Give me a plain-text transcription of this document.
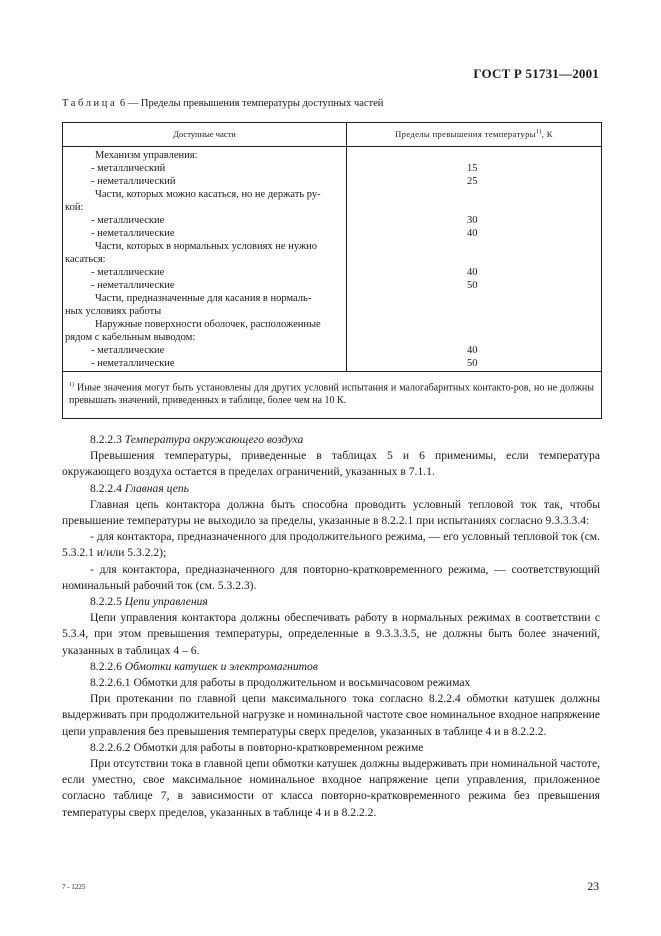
ГОСТ Р 51731—2001
Таблица 6 — Пределы превышения температуры доступных частей
Доступные части	Пределы превышения температуры$^{1)}$, К
Механизм управления:
- металлический	15
- неметаллический	25
Части, которых можно касаться, но не держать ру-
кой:
- металлические	30
- неметаллические	40
Части, которых в нормальных условиях не нужно
касаться:
- металлические	40
- неметаллические	50
Части, предназначенные для касания в нормаль-
ных условиях работы
Наружные поверхности оболочек, расположенные
рядом с кабельным выводом:
- металлические	40
- неметаллические	50
$^{1)}$ Иные значения могут быть установлены для других условий испытания и малогабаритных контакто-ров, но не должны превышать значений, приведенных в таблице, более чем на 10 К.

8.2.2.3 Температура окружающего воздуха

Превышения температуры, приведенные в таблицах 5 и 6 применимы, если температура окружающего воздуха остается в пределах ограничений, указанных в 7.1.1.

8.2.2.4 Главная цепь

Главная цепь контактора должна быть способна проводить условный тепловой ток так, чтобы превышение температуры не выходило за пределы, указанные в 8.2.2.1 при испытаниях согласно 9.3.3.3.4:

- для контактора, предназначенного для продолжительного режима, — его условный тепловой ток (см. 5.3.2.1 и/или 5.3.2.2);

- для контактора, предназначенного для повторно-кратковременного режима, — соответствующий номинальный рабочий ток (см. 5.3.2.3).

8.2.2.5 Цепи управления

Цепи управления контактора должны обеспечивать работу в нормальных режимах в соответствии с 5.3.4, при этом превышения температуры, определенные в 9.3.3.3.5, не должны быть более значений, указанных в таблицах 4 – 6.

8.2.2.6 Обмотки катушек и электромагнитов

8.2.2.6.1 Обмотки для работы в продолжительном и восьмичасовом режимах

При протекании по главной цепи максимального тока согласно 8.2.2.4 обмотки катушек должны выдерживать при продолжительной нагрузке и номинальной частоте свое номинальное входное напряжение цепи управления без превышения температуры сверх пределов, указанных в таблице 4 и в 8.2.2.2.

8.2.2.6.2 Обмотки для работы в повторно-кратковременном режиме

При отсутствии тока в главной цепи обмотки катушек должны выдерживать при номинальной частоте, если уместно, свое максимальное номинальное входное напряжение цепи управления, приложенное согласно таблице 7, в зависимости от класса повторно-кратковременного режима без превышения температуры сверх пределов, указанных в таблице 4 и в 8.2.2.2.

7 - 1225	23
